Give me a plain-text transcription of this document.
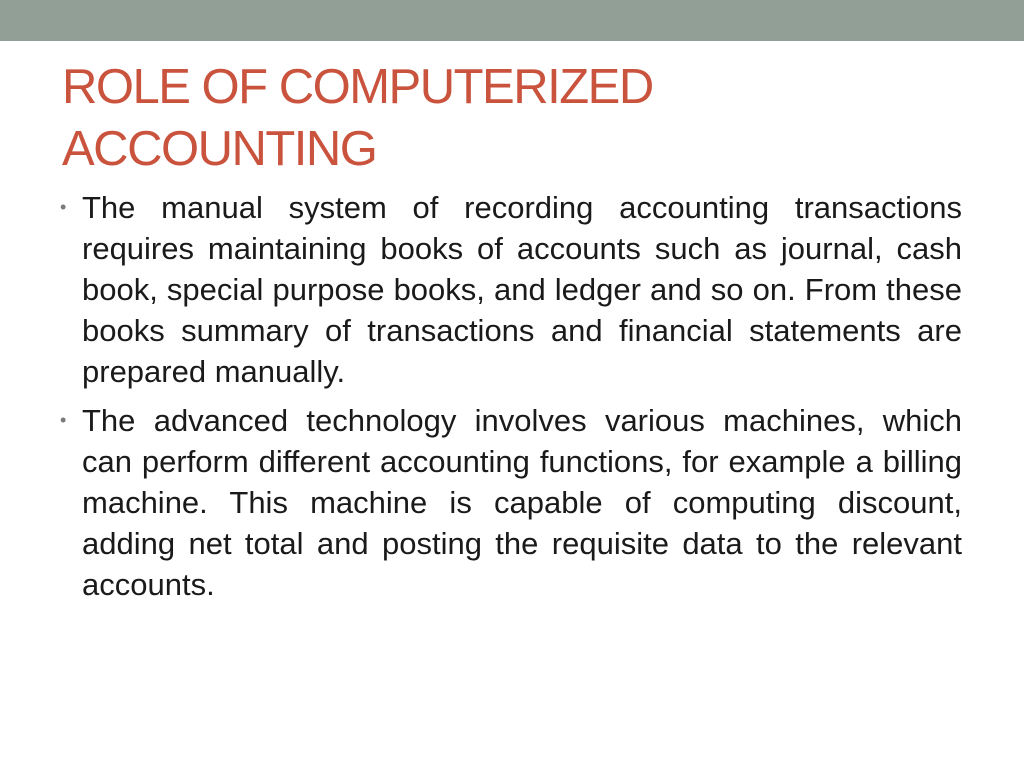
ROLE OF COMPUTERIZED
ACCOUNTING
• The manual system of recording accounting transactions requires maintaining books of accounts such as journal, cash book, special purpose books, and ledger and so on. From these books summary of transactions and financial statements are prepared manually.
• The advanced technology involves various machines, which can perform different accounting functions, for example a billing machine. This machine is capable of computing discount, adding net total and posting the requisite data to the relevant accounts.
